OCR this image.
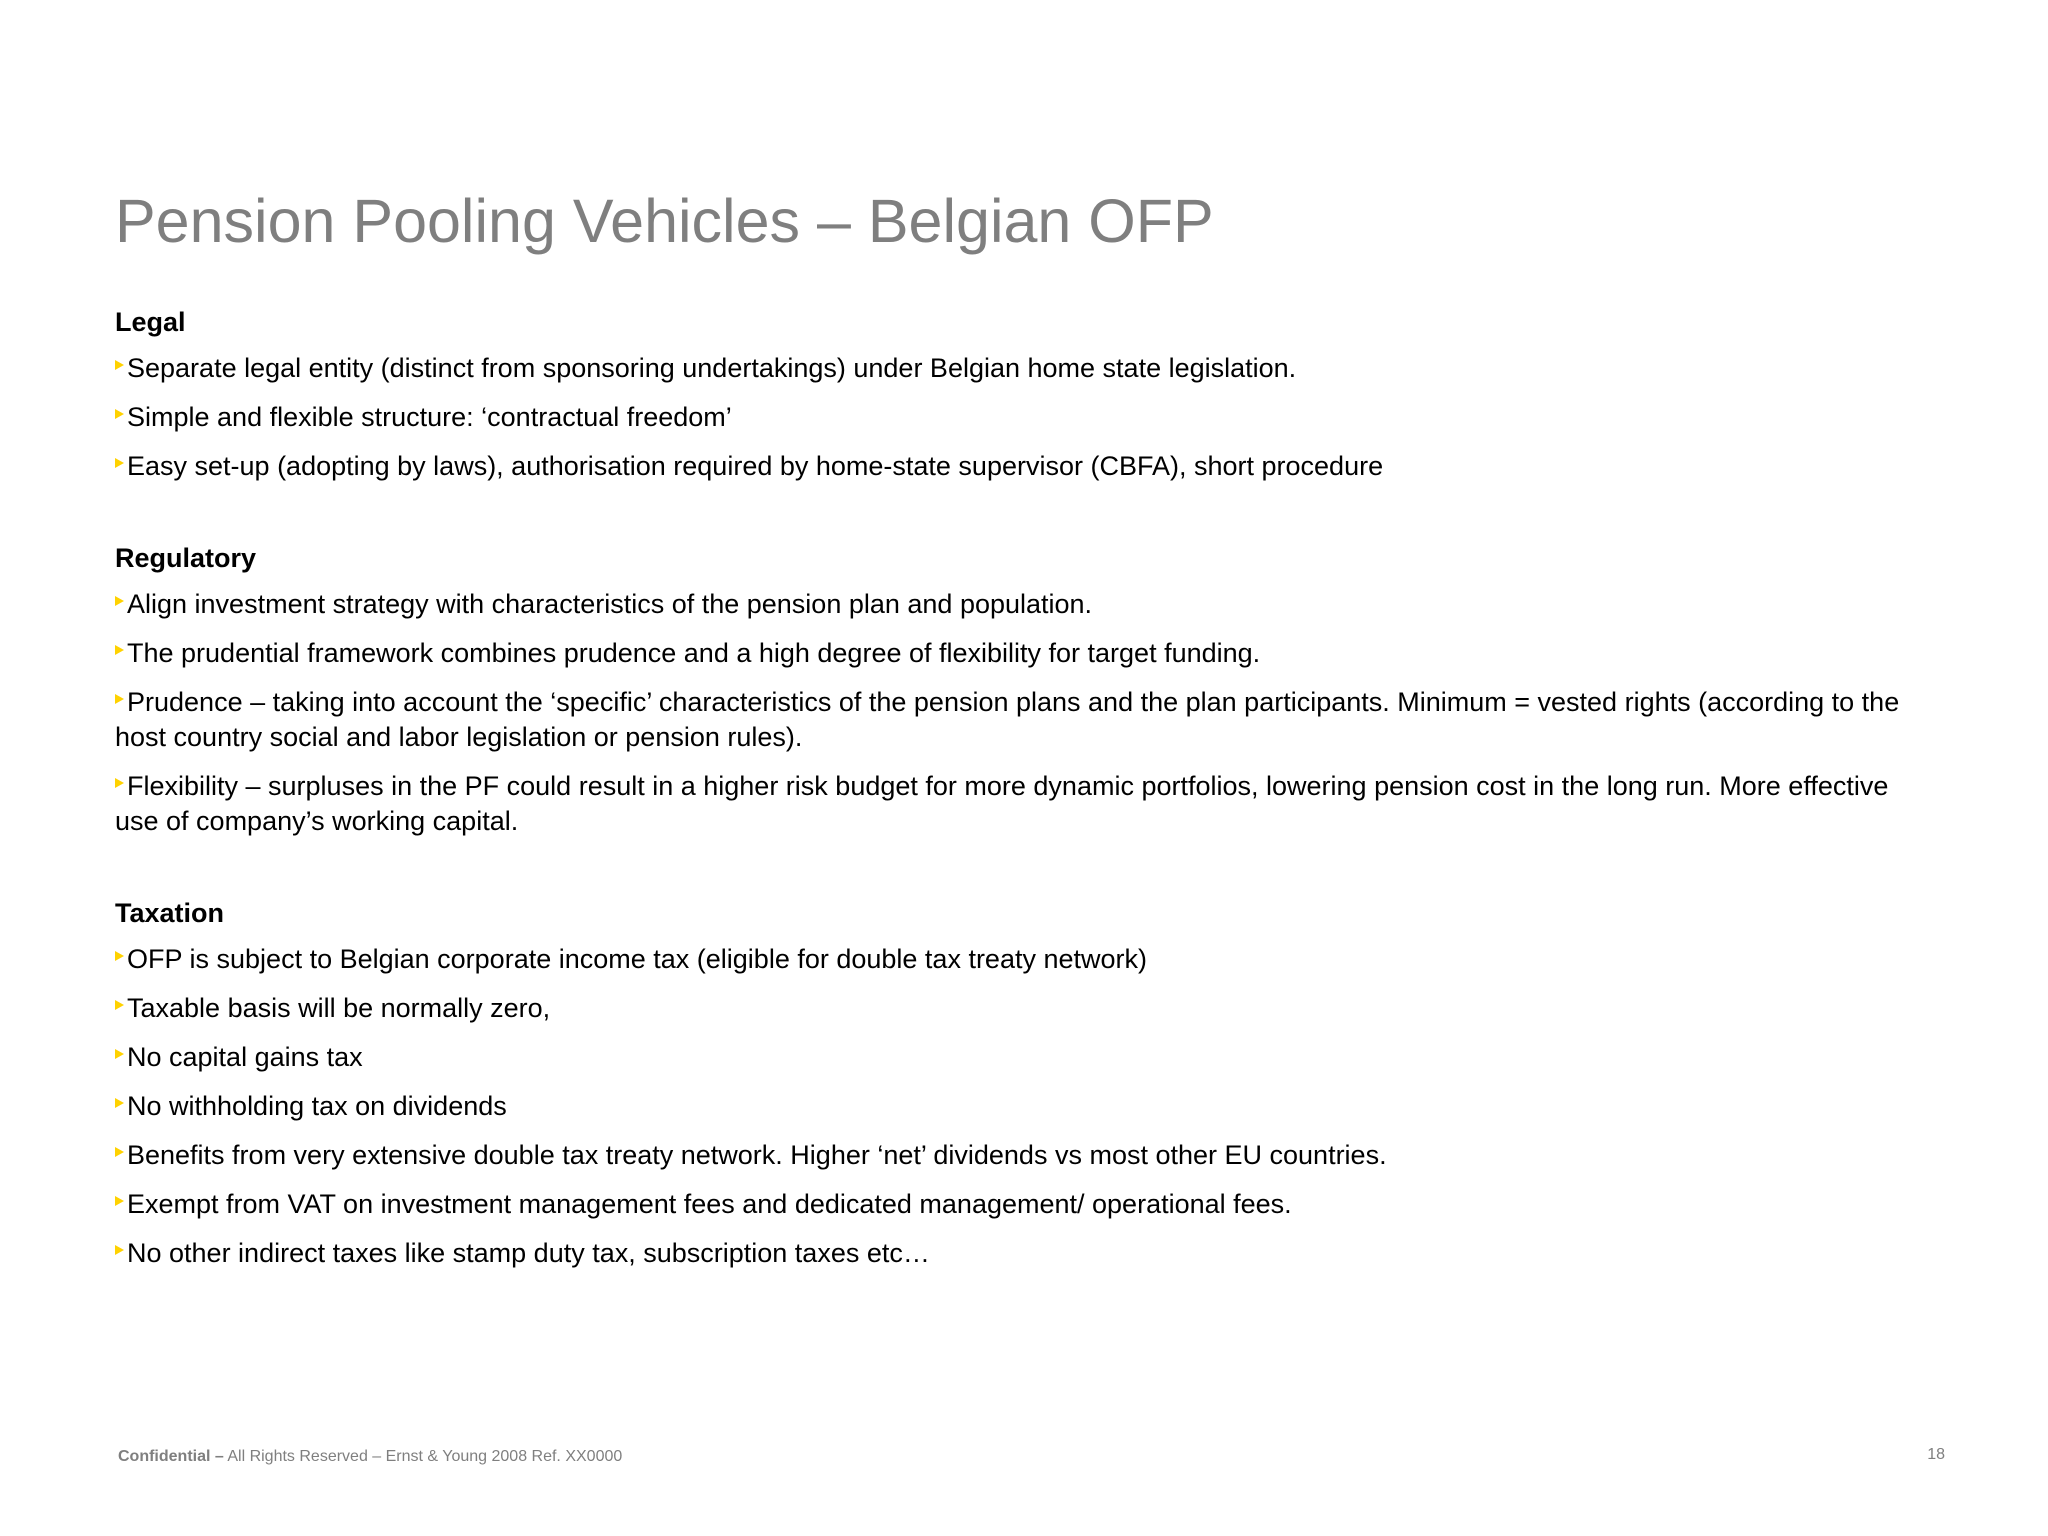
Pension Pooling Vehicles – Belgian OFP
Legal
Separate legal entity (distinct from sponsoring undertakings) under Belgian home state legislation.
Simple and flexible structure: ‘contractual freedom’
Easy set-up (adopting by laws), authorisation required by home-state supervisor (CBFA), short procedure
Regulatory
Align investment strategy with characteristics of the pension plan and population.
The prudential framework combines prudence and a high degree of flexibility for target funding.
Prudence – taking into account the ‘specific’ characteristics of the pension plans and the plan participants. Minimum = vested rights (according to the host country social and labor legislation or pension rules).
Flexibility – surpluses in the PF could result in a higher risk budget for more dynamic portfolios, lowering pension cost in the long run. More effective use of company’s working capital.
Taxation
OFP is subject to Belgian corporate income tax (eligible for double tax treaty network)
Taxable basis will be normally zero,
No capital gains tax
No withholding tax on dividends
Benefits from very extensive double tax treaty network. Higher ‘net’ dividends vs most other EU countries.
Exempt from VAT on investment management fees and dedicated management/ operational fees.
No other indirect taxes like stamp duty tax, subscription taxes etc…
Confidential – All Rights Reserved – Ernst & Young 2008 Ref. XX0000	18
